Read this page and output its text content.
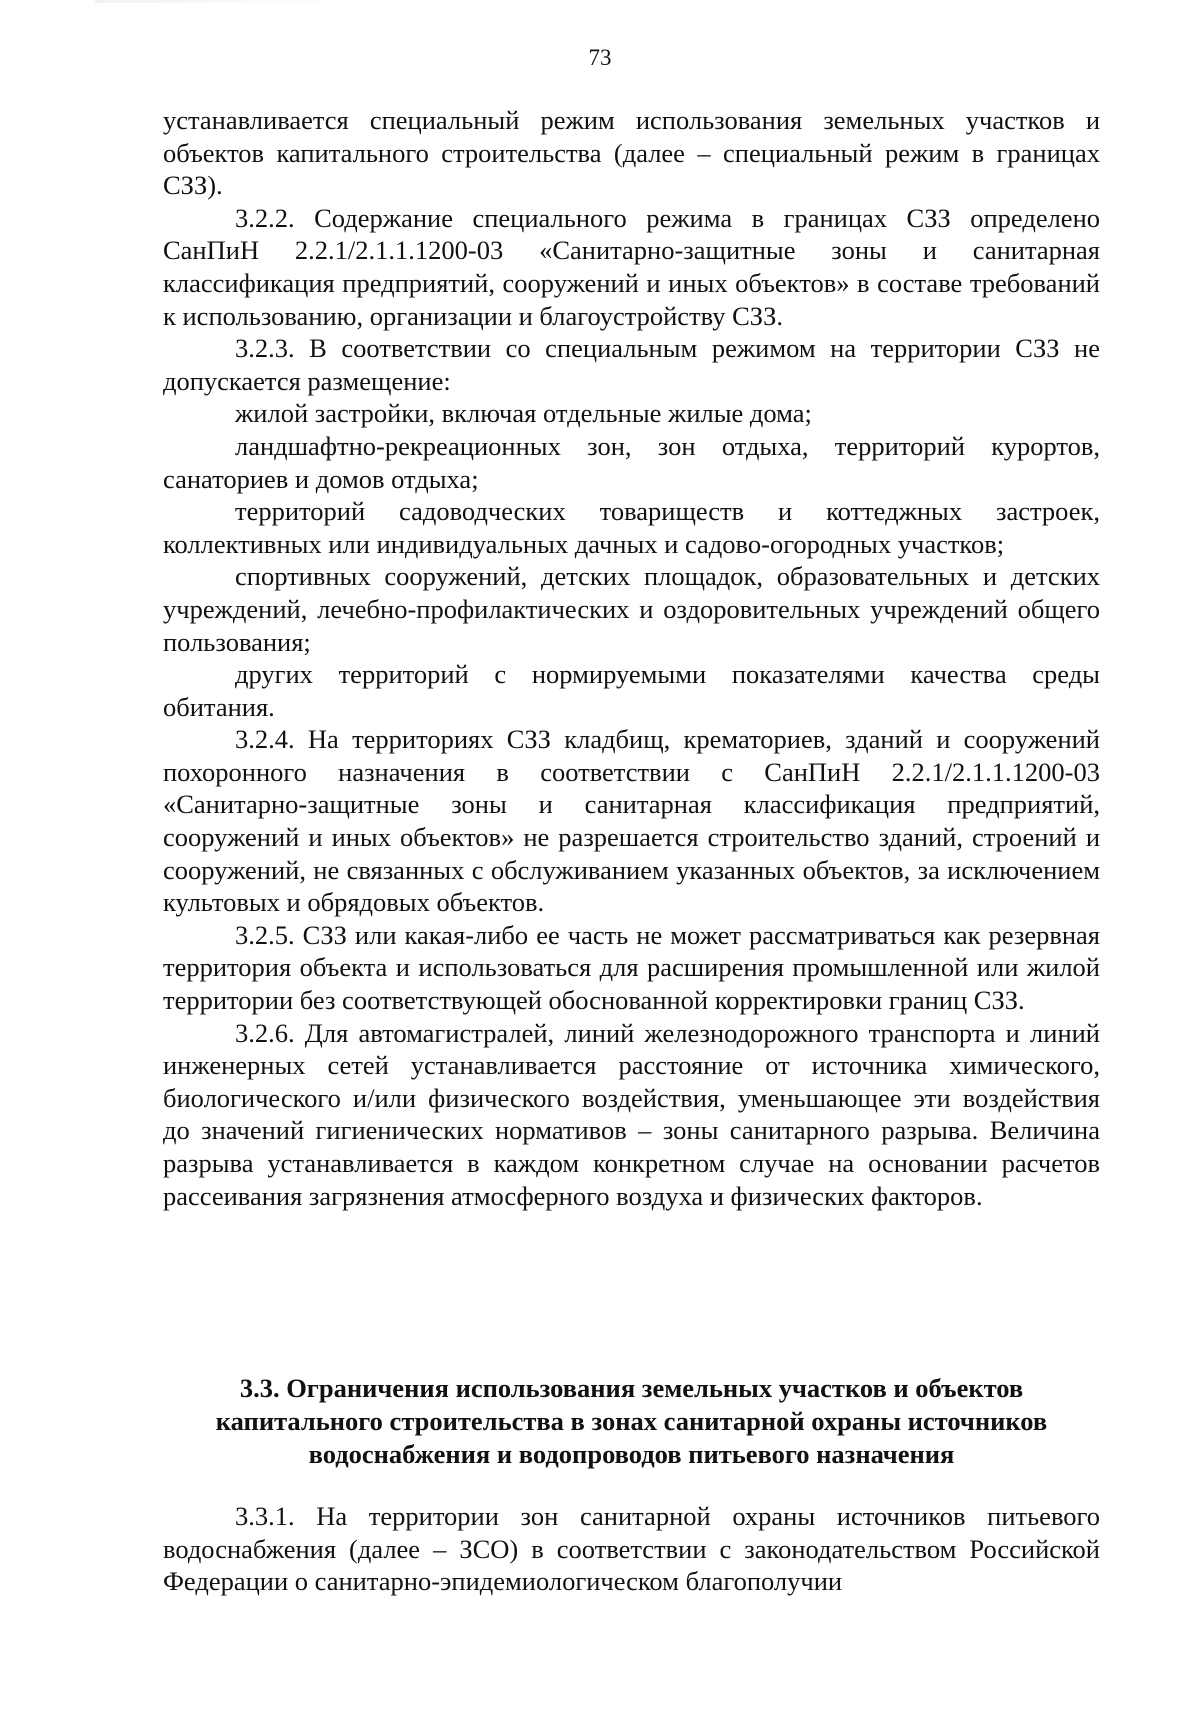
73

устанавливается специальный режим использования земельных участков и объектов капитального строительства (далее – специальный режим в границах СЗЗ).

3.2.2. Содержание специального режима в границах СЗЗ определено СанПиН 2.2.1/2.1.1.1200-03 «Санитарно-защитные зоны и санитарная классификация предприятий, сооружений и иных объектов» в составе требований к использованию, организации и благоустройству СЗЗ.

3.2.3. В соответствии со специальным режимом на территории СЗЗ не допускается размещение:

жилой застройки, включая отдельные жилые дома;

ландшафтно-рекреационных зон, зон отдыха, территорий курортов, санаториев и домов отдыха;

территорий садоводческих товариществ и коттеджных застроек, коллективных или индивидуальных дачных и садово-огородных участков;

спортивных сооружений, детских площадок, образовательных и детских учреждений, лечебно-профилактических и оздоровительных учреждений общего пользования;

других территорий с нормируемыми показателями качества среды обитания.

3.2.4. На территориях СЗЗ кладбищ, крематориев, зданий и сооружений похоронного назначения в соответствии с СанПиН 2.2.1/2.1.1.1200-03 «Санитарно-защитные зоны и санитарная классификация предприятий, сооружений и иных объектов» не разрешается строительство зданий, строений и сооружений, не связанных с обслуживанием указанных объектов, за исключением культовых и обрядовых объектов.

3.2.5. СЗЗ или какая-либо ее часть не может рассматриваться как резервная территория объекта и использоваться для расширения промышленной или жилой территории без соответствующей обоснованной корректировки границ СЗЗ.

3.2.6. Для автомагистралей, линий железнодорожного транспорта и линий инженерных сетей устанавливается расстояние от источника химического, биологического и/или физического воздействия, уменьшающее эти воздействия до значений гигиенических нормативов – зоны санитарного разрыва. Величина разрыва устанавливается в каждом конкретном случае на основании расчетов рассеивания загрязнения атмосферного воздуха и физических факторов.

3.3. Ограничения использования земельных участков и объектов
капитального строительства в зонах санитарной охраны источников
водоснабжения и водопроводов питьевого назначения

3.3.1. На территории зон санитарной охраны источников питьевого водоснабжения (далее – ЗСО) в соответствии с законодательством Российской Федерации о санитарно-эпидемиологическом благополучии
